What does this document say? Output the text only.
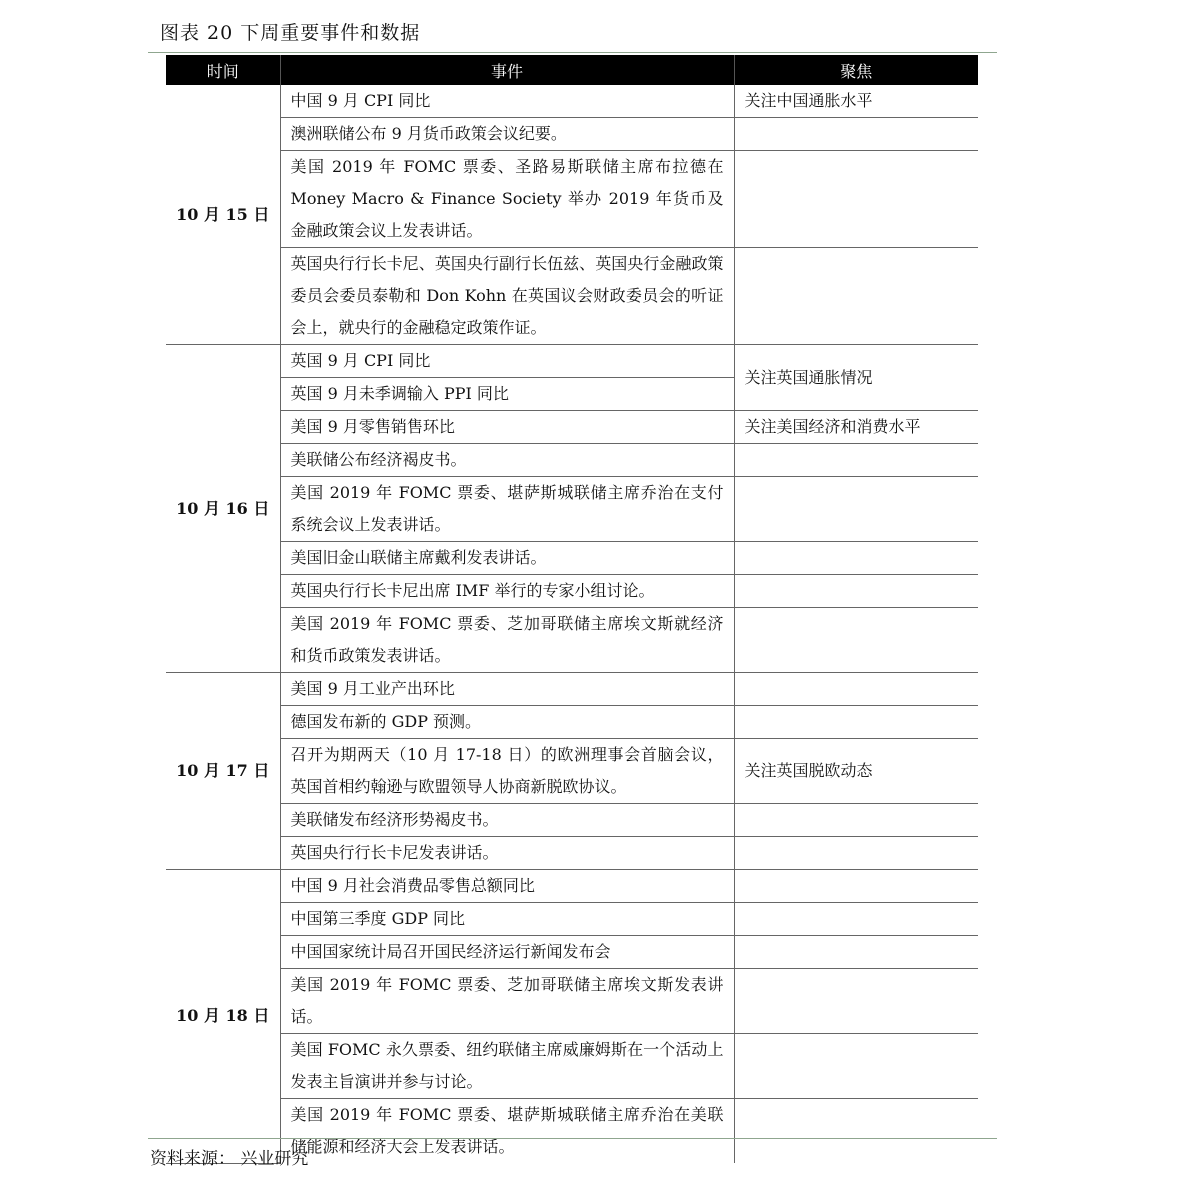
图表 20 下周重要事件和数据
时间	事件	聚焦
10 月 15 日	中国 9 月 CPI 同比	关注中国通胀水平
	澳洲联储公布 9 月货币政策会议纪要。	
	美国 2019 年 FOMC 票委、圣路易斯联储主席布拉德在 Money Macro & Finance Society 举办 2019 年货币及金融政策会议上发表讲话。	
	英国央行行长卡尼、英国央行副行长伍兹、英国央行金融政策委员会委员泰勒和 Don Kohn 在英国议会财政委员会的听证会上，就央行的金融稳定政策作证。	
10 月 16 日	英国 9 月 CPI 同比	关注英国通胀情况
	英国 9 月未季调输入 PPI 同比	
	美国 9 月零售销售环比	关注美国经济和消费水平
	美联储公布经济褐皮书。	
	美国 2019 年 FOMC 票委、堪萨斯城联储主席乔治在支付系统会议上发表讲话。	
	美国旧金山联储主席戴利发表讲话。	
	英国央行行长卡尼出席 IMF 举行的专家小组讨论。	
	美国 2019 年 FOMC 票委、芝加哥联储主席埃文斯就经济和货币政策发表讲话。	
10 月 17 日	美国 9 月工业产出环比	
	德国发布新的 GDP 预测。	
	召开为期两天（10 月 17-18 日）的欧洲理事会首脑会议，英国首相约翰逊与欧盟领导人协商新脱欧协议。	关注英国脱欧动态
	美联储发布经济形势褐皮书。	
	英国央行行长卡尼发表讲话。	
10 月 18 日	中国 9 月社会消费品零售总额同比	
	中国第三季度 GDP 同比	
	中国国家统计局召开国民经济运行新闻发布会	
	美国 2019 年 FOMC 票委、芝加哥联储主席埃文斯发表讲话。	
	美国 FOMC 永久票委、纽约联储主席威廉姆斯在一个活动上发表主旨演讲并参与讨论。	
	美国 2019 年 FOMC 票委、堪萨斯城联储主席乔治在美联储能源和经济大会上发表讲话。	
资料来源： 兴业研究
